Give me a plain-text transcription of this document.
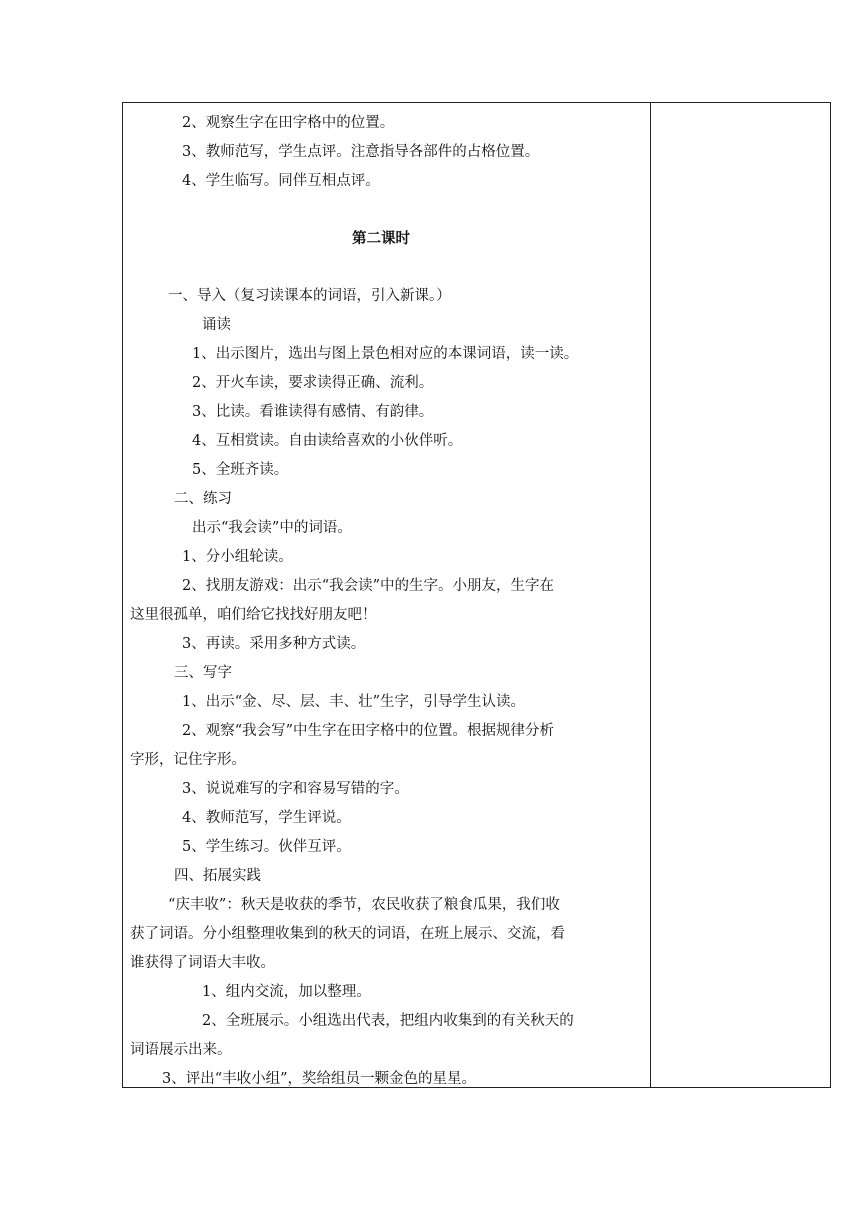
2、观察生字在田字格中的位置。
3、教师范写，学生点评。注意指导各部件的占格位置。
4、学生临写。同伴互相点评。
第二课时
一、导入（复习读课本的词语，引入新课。）
诵读
1、出示图片，选出与图上景色相对应的本课词语，读一读。
2、开火车读，要求读得正确、流利。
3、比读。看谁读得有感情、有韵律。
4、互相赏读。自由读给喜欢的小伙伴听。
5、全班齐读。
二、练习
出示“我会读”中的词语。
1、分小组轮读。
2、找朋友游戏：出示“我会读”中的生字。小朋友，生字在
这里很孤单，咱们给它找找好朋友吧！
3、再读。采用多种方式读。
三、写字
1、出示“金、尽、层、丰、壮”生字，引导学生认读。
2、观察“我会写”中生字在田字格中的位置。根据规律分析
字形，记住字形。
3、说说难写的字和容易写错的字。
4、教师范写，学生评说。
5、学生练习。伙伴互评。
四、拓展实践
“庆丰收”：秋天是收获的季节，农民收获了粮食瓜果，我们收
获了词语。分小组整理收集到的秋天的词语，在班上展示、交流，看
谁获得了词语大丰收。
1、组内交流，加以整理。
2、全班展示。小组选出代表，把组内收集到的有关秋天的
词语展示出来。
3、评出“丰收小组”，奖给组员一颗金色的星星。
